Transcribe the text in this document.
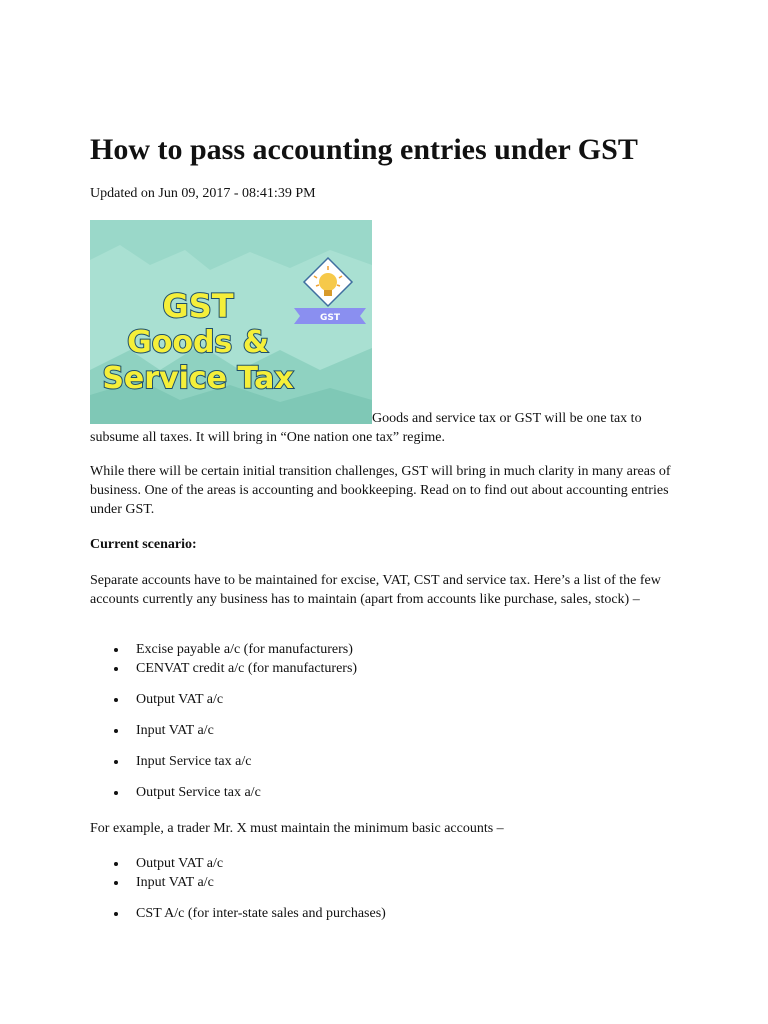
How to pass accounting entries under GST

Updated on Jun 09, 2017 - 08:41:39 PM

GST
Goods &
Service Tax
GST

Goods and service tax or GST will be one tax to subsume all taxes. It will bring in “One nation one tax” regime.

While there will be certain initial transition challenges, GST will bring in much clarity in many areas of business. One of the areas is accounting and bookkeeping. Read on to find out about accounting entries under GST.

Current scenario:

Separate accounts have to be maintained for excise, VAT, CST and service tax. Here’s a list of the few accounts currently any business has to maintain (apart from accounts like purchase, sales, stock) –

Excise payable a/c (for manufacturers)
CENVAT credit a/c (for manufacturers)
Output VAT a/c
Input VAT a/c
Input Service tax a/c
Output Service tax a/c

For example, a trader Mr. X must maintain the minimum basic accounts –

Output VAT a/c
Input VAT a/c
CST A/c (for inter-state sales and purchases)
